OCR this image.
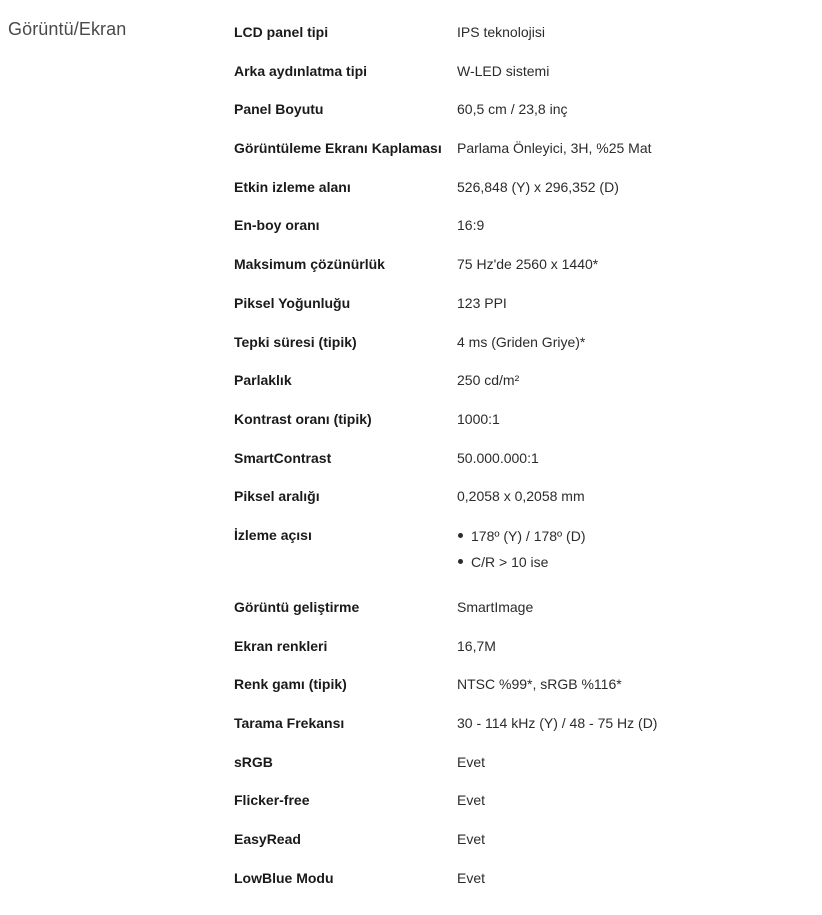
Görüntü/Ekran	LCD panel tipi	IPS teknolojisi
Arka aydınlatma tipi	W-LED sistemi
Panel Boyutu	60,5 cm / 23,8 inç
Görüntüleme Ekranı Kaplaması	Parlama Önleyici, 3H, %25 Mat
Etkin izleme alanı	526,848 (Y) x 296,352 (D)
En-boy oranı	16:9
Maksimum çözünürlük	75 Hz'de 2560 x 1440*
Piksel Yoğunluğu	123 PPI
Tepki süresi (tipik)	4 ms (Griden Griye)*
Parlaklık	250 cd/m²
Kontrast oranı (tipik)	1000:1
SmartContrast	50.000.000:1
Piksel aralığı	0,2058 x 0,2058 mm
İzleme açısı	178º (Y) / 178º (D)
C/R > 10 ise
Görüntü geliştirme	SmartImage
Ekran renkleri	16,7M
Renk gamı (tipik)	NTSC %99*, sRGB %116*
Tarama Frekansı	30 - 114 kHz (Y) / 48 - 75 Hz (D)
sRGB	Evet
Flicker-free	Evet
EasyRead	Evet
LowBlue Modu	Evet
